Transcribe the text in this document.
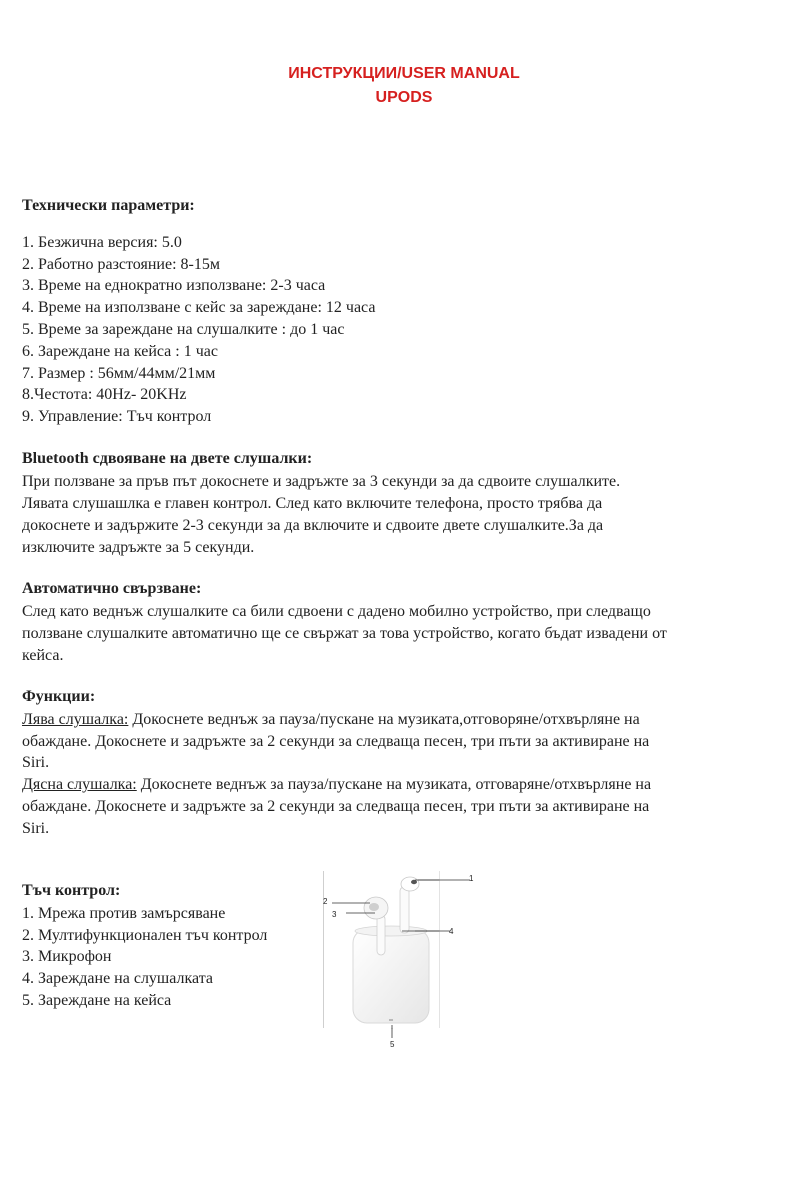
ИНСТРУКЦИИ/USER MANUAL
UPODS
Технически параметри:
1. Безжична версия: 5.0
2. Работно разстояние: 8-15м
3. Време на еднократно използване: 2-3 часа
4. Време на използване с кейс за зареждане: 12 часа
5. Време за зареждане на слушалките : до 1 час
6. Зареждане на кейса : 1 час
7. Размер : 56мм/44мм/21мм
8.Честота: 40Hz- 20KHz
9. Управление: Тъч контрол
Bluetooth сдвояване на двете слушалки:
При ползване за пръв път докоснете и задръжте за 3 секунди за да сдвоите слушалките.
Лявата слушашлка е главен контрол. След като включите телефона, просто трябва да
докоснете и задържите 2-3 секунди за да включите и сдвоите двете слушалките.За да
изключите задръжте за 5 секунди.
Автоматично свързване:
След като веднъж слушалките са били сдвоени с дадено мобилно устройство, при следващо
ползване слушалките автоматично ще се свържат за това устройство, когато бъдат извадени от
кейса.
Функции:
Лява слушалка: Докоснете веднъж за пауза/пускане на музиката,отговоряне/отхвърляне на
обаждане. Докоснете и задръжте за 2 секунди за следваща песен, три пъти за активиране на
Siri.
Дясна слушалка: Докоснете веднъж за пауза/пускане на музиката, отговаряне/отхвърляне на
обаждане. Докоснете и задръжте за 2 секунди за следваща песен, три пъти за активиране на
Siri.
Тъч контрол:
1. Мрежа против замърсяване
2. Мултифункционален тъч контрол
3. Микрофон
4. Зареждане на слушалката
5. Зареждане на кейса
1
2
3
4
5
